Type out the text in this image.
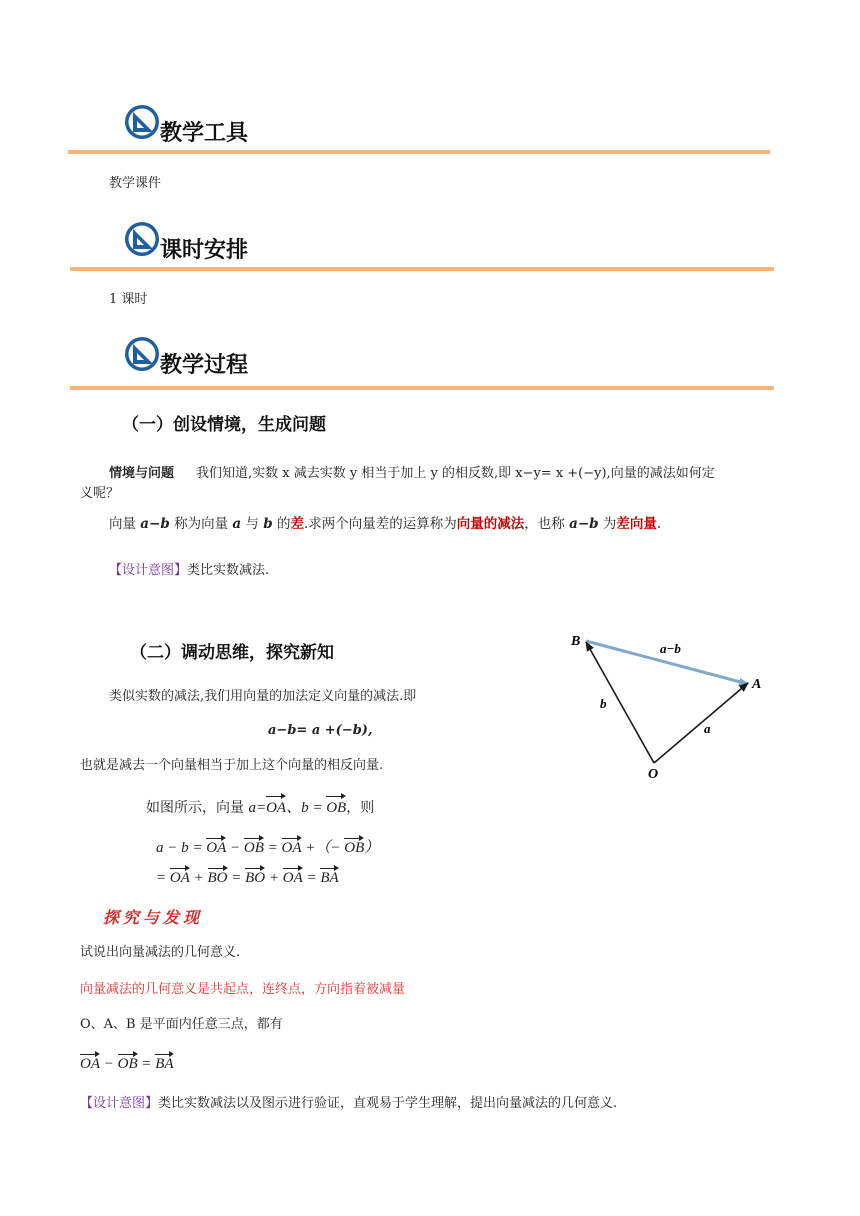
教学工具
教学课件
课时安排
1 课时
教学过程
（一）创设情境，生成问题
情境与问题 我们知道,实数 x 减去实数 y 相当于加上 y 的相反数,即 x−y= x +(−y),向量的减法如何定
义呢？
向量 a−b 称为向量 a 与 b 的差.求两个向量差的运算称为向量的减法，也称 a−b 为差向量.
【设计意图】类比实数减法.
（二）调动思维，探究新知
类似实数的减法,我们用向量的加法定义向量的减法.即
a−b= a +(−b),
也就是减去一个向量相当于加上这个向量的相反向量.
如图所示，向量 a=OA、b = OB，则
a − b = OA − OB = OA +（− OB）
= OA + BO = BO + OA = BA
探究与发现
试说出向量减法的几何意义.
向量减法的几何意义是共起点，连终点，方向指着被减量
O、A、B 是平面内任意三点，都有
OA − OB = BA
【设计意图】类比实数减法以及图示进行验证，直观易于学生理解，提出向量减法的几何意义.
B
A
O
a−b
b
a
